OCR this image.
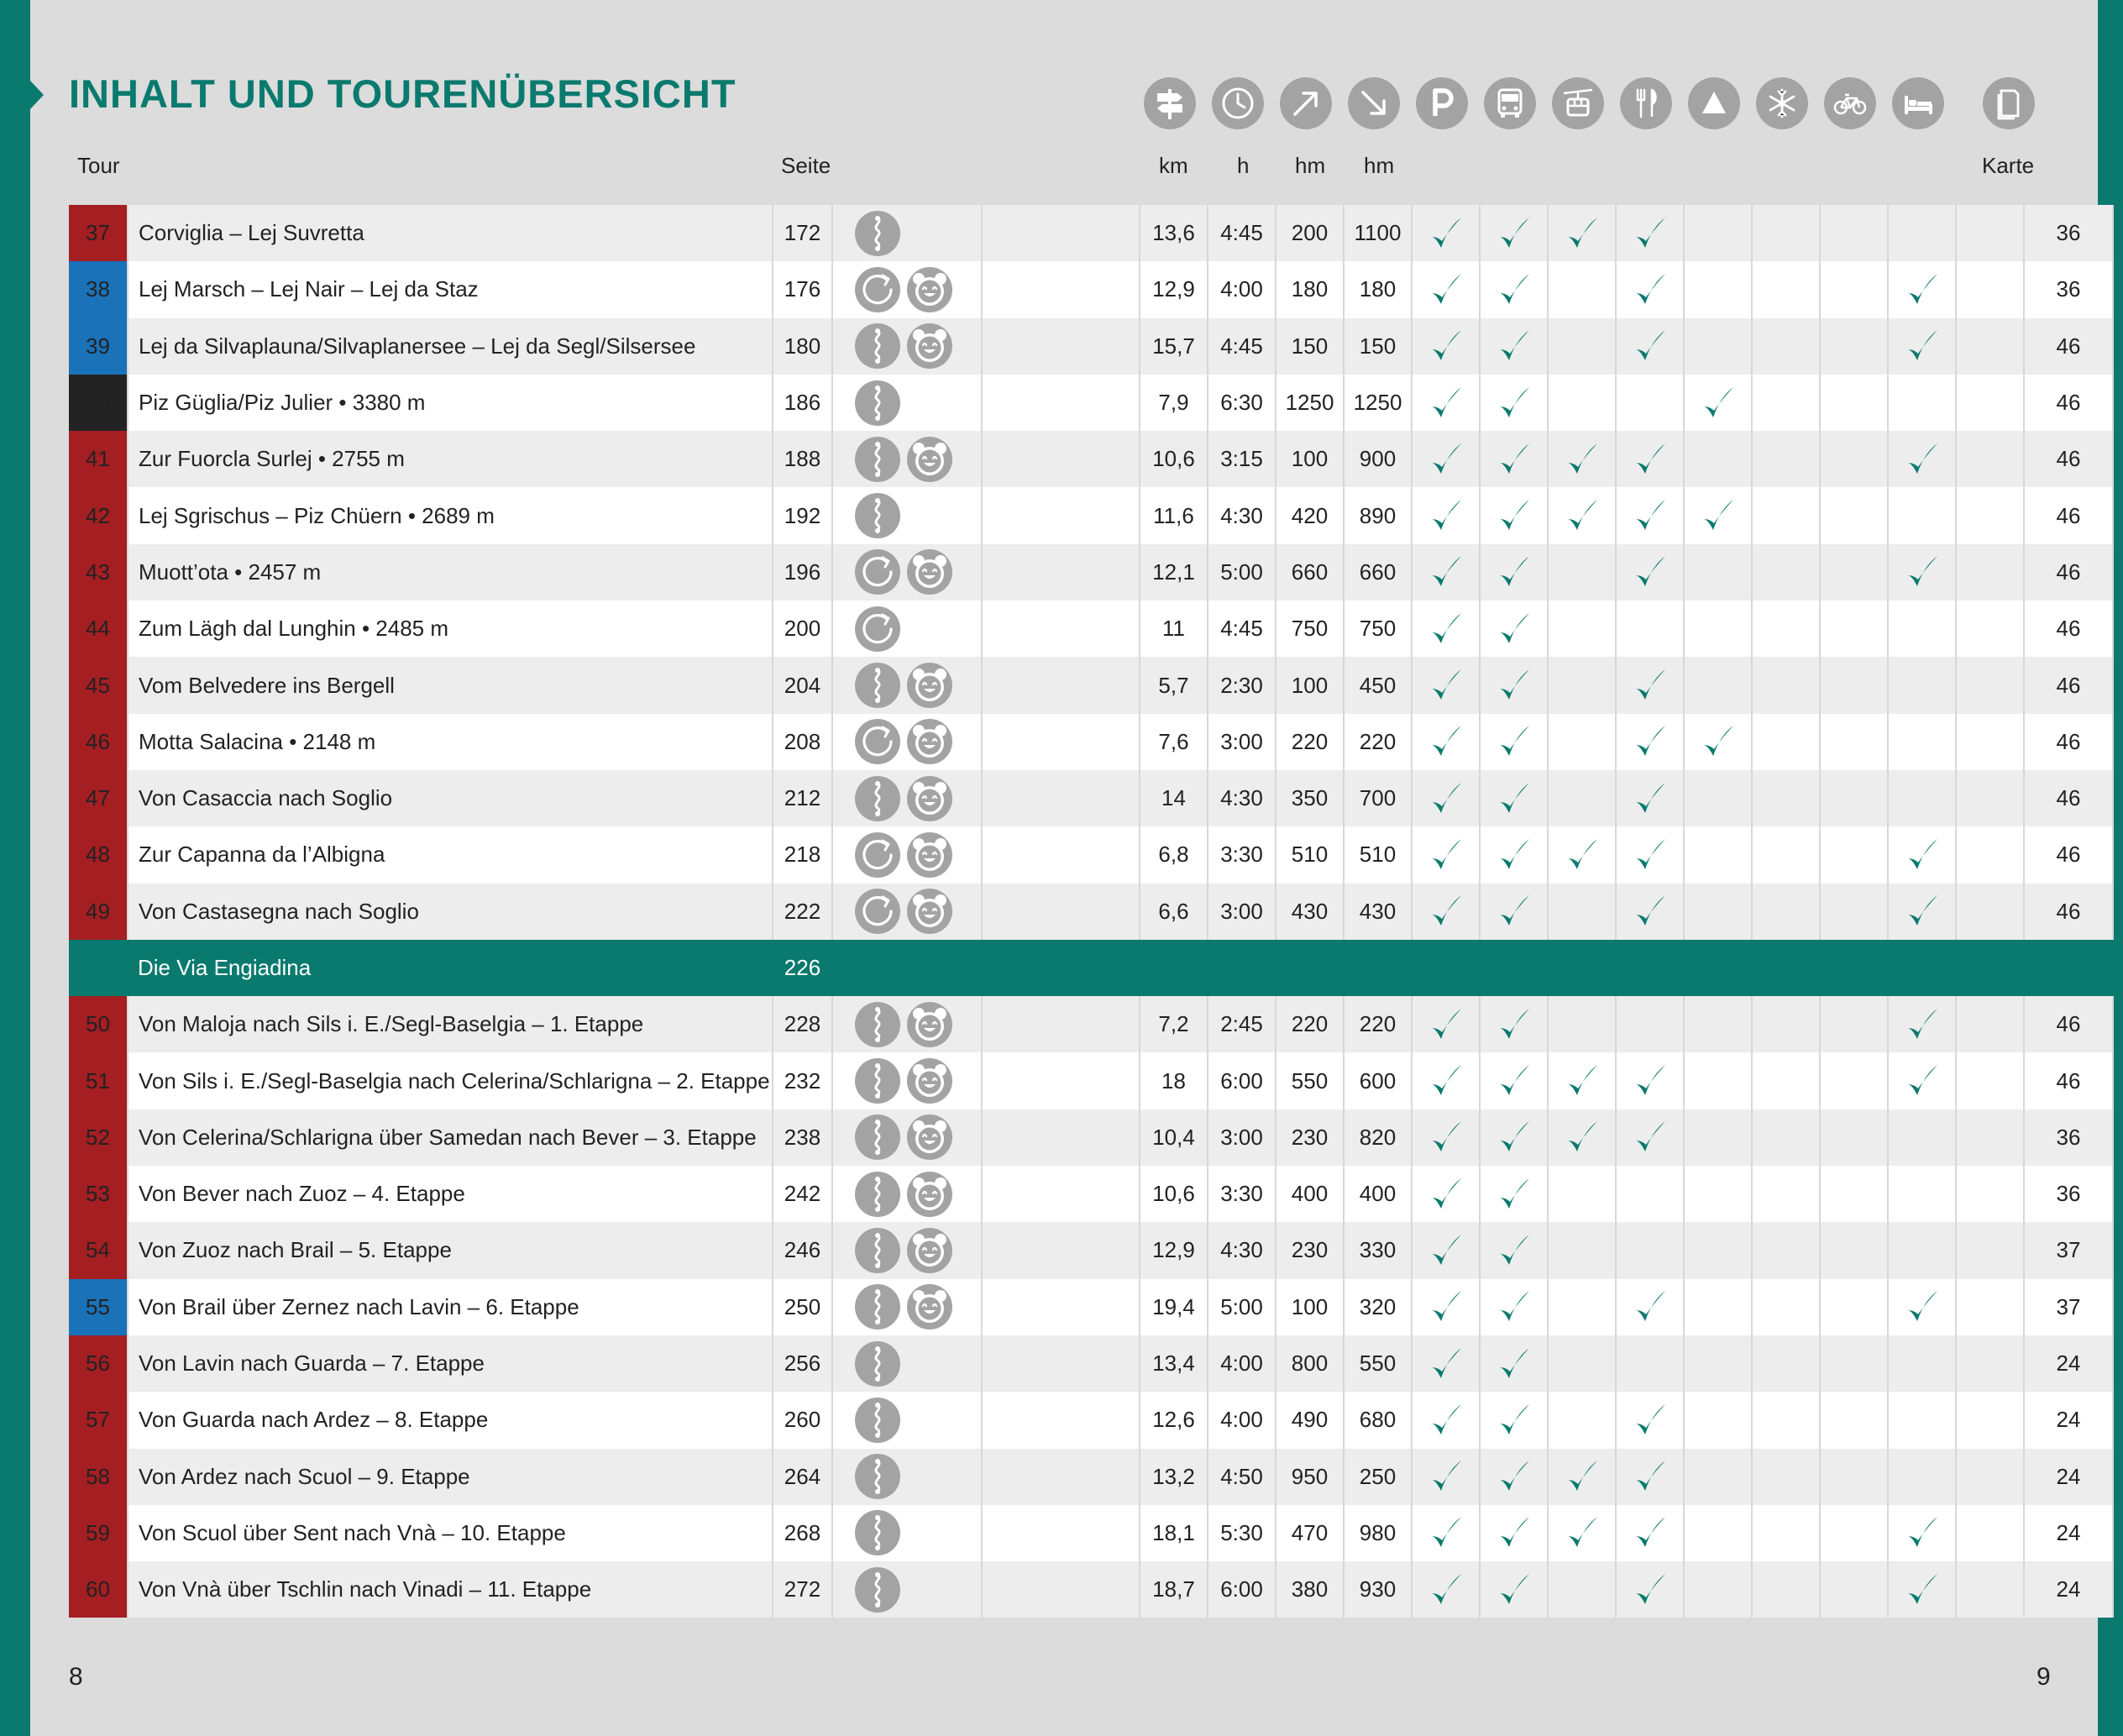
INHALT UND TOURENÜBERSICHT
Tour	Seite	km h hm hm	Karte
37	Corviglia – Lej Suvretta	172			13,6	4:45	200	1100										36
38	Lej Marsch – Lej Nair – Lej da Staz	176			12,9	4:00	180	180										36
39	Lej da Silvaplauna/Silvaplanersee – Lej da Segl/Silsersee	180			15,7	4:45	150	150										46
40	Piz Güglia/Piz Julier • 3380 m	186			7,9	6:30	1250	1250										46
41	Zur Fuorcla Surlej • 2755 m	188			10,6	3:15	100	900										46
42	Lej Sgrischus – Piz Chüern • 2689 m	192			11,6	4:30	420	890										46
43	Muott’ota • 2457 m	196			12,1	5:00	660	660										46
44	Zum Lägh dal Lunghin • 2485 m	200			11	4:45	750	750										46
45	Vom Belvedere ins Bergell	204			5,7	2:30	100	450										46
46	Motta Salacina • 2148 m	208			7,6	3:00	220	220										46
47	Von Casaccia nach Soglio	212			14	4:30	350	700										46
48	Zur Capanna da l’Albigna	218			6,8	3:30	510	510										46
49	Von Castasegna nach Soglio	222			6,6	3:00	430	430										46
	Die Via Engiadina	226																
50	Von Maloja nach Sils i. E./Segl-Baselgia – 1. Etappe	228			7,2	2:45	220	220										46
51	Von Sils i. E./Segl-Baselgia nach Celerina/Schlarigna – 2. Etappe	232			18	6:00	550	600										46
52	Von Celerina/Schlarigna über Samedan nach Bever – 3. Etappe	238			10,4	3:00	230	820										36
53	Von Bever nach Zuoz – 4. Etappe	242			10,6	3:30	400	400										36
54	Von Zuoz nach Brail – 5. Etappe	246			12,9	4:30	230	330										37
55	Von Brail über Zernez nach Lavin – 6. Etappe	250			19,4	5:00	100	320										37
56	Von Lavin nach Guarda – 7. Etappe	256			13,4	4:00	800	550										24
57	Von Guarda nach Ardez – 8. Etappe	260			12,6	4:00	490	680										24
58	Von Ardez nach Scuol – 9. Etappe	264			13,2	4:50	950	250										24
59	Von Scuol über Sent nach Vnà – 10. Etappe	268			18,1	5:30	470	980										24
60	Von Vnà über Tschlin nach Vinadi – 11. Etappe	272			18,7	6:00	380	930										24
8	9
